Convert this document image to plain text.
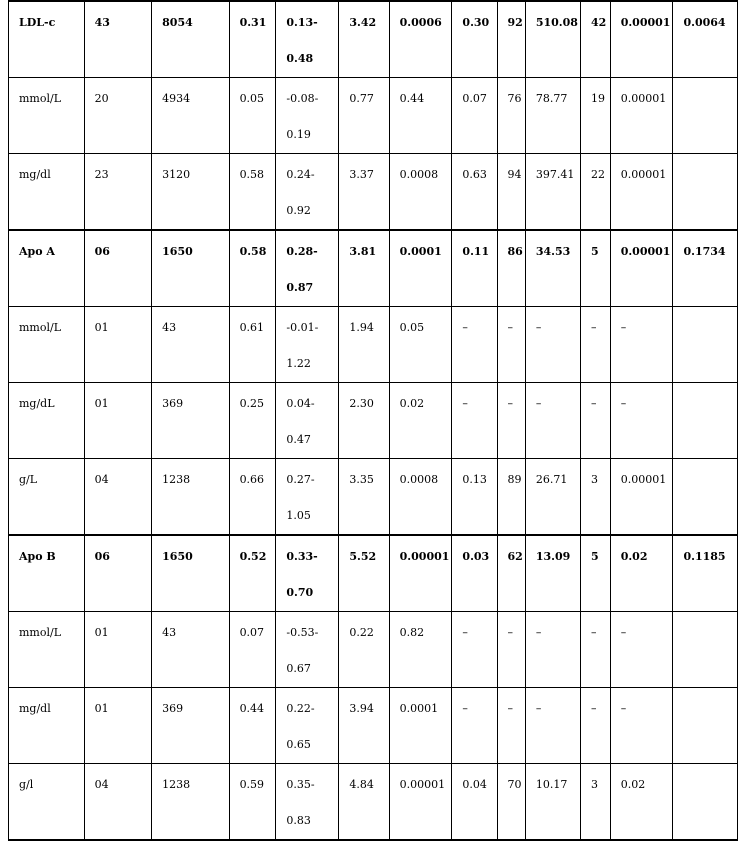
LDL-c	43	8054	0.31	0.13-
0.48	3.42	0.0006	0.30	92	510.08	42	0.00001	0.0064

mmol/L	20	4934	0.05	-0.08-
0.19	0.77	0.44	0.07	76	78.77	19	0.00001	

mg/dl	23	3120	0.58	0.24-
0.92	3.37	0.0008	0.63	94	397.41	22	0.00001	

Apo A	06	1650	0.58	0.28-
0.87	3.81	0.0001	0.11	86	34.53	5	0.00001	0.1734

mmol/L	01	43	0.61	-0.01-
1.22	1.94	0.05	–	–	–	–	–	

mg/dL	01	369	0.25	0.04-
0.47	2.30	0.02	–	–	–	–	–	

g/L	04	1238	0.66	0.27-
1.05	3.35	0.0008	0.13	89	26.71	3	0.00001	

Apo B	06	1650	0.52	0.33-
0.70	5.52	0.00001	0.03	62	13.09	5	0.02	0.1185

mmol/L	01	43	0.07	-0.53-
0.67	0.22	0.82	–	–	–	–	–	

mg/dl	01	369	0.44	0.22-
0.65	3.94	0.0001	–	–	–	–	–	

g/l	04	1238	0.59	0.35-
0.83	4.84	0.00001	0.04	70	10.17	3	0.02	
